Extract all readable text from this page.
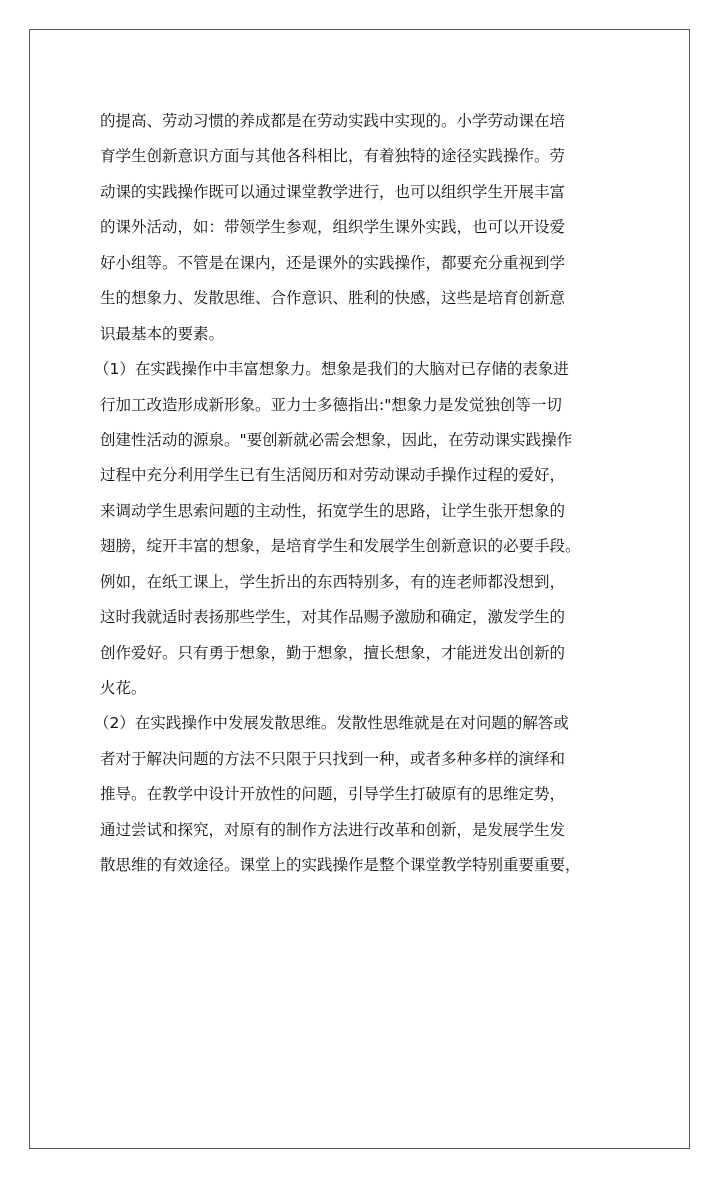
的提高、劳动习惯的养成都是在劳动实践中实现的。小学劳动课在培
育学生创新意识方面与其他各科相比，有着独特的途径实践操作。劳
动课的实践操作既可以通过课堂教学进行，也可以组织学生开展丰富
的课外活动，如：带领学生参观，组织学生课外实践，也可以开设爱
好小组等。不管是在课内，还是课外的实践操作，都要充分重视到学
生的想象力、发散思维、合作意识、胜利的快感，这些是培育创新意
识最基本的要素。
（1）在实践操作中丰富想象力。想象是我们的大脑对已存储的表象进
行加工改造形成新形象。亚力士多德指出:"想象力是发觉独创等一切
创建性活动的源泉。"要创新就必需会想象，因此，在劳动课实践操作
过程中充分利用学生已有生活阅历和对劳动课动手操作过程的爱好，
来调动学生思索问题的主动性，拓宽学生的思路，让学生张开想象的
翅膀，绽开丰富的想象，是培育学生和发展学生创新意识的必要手段。
例如，在纸工课上，学生折出的东西特别多，有的连老师都没想到，
这时我就适时表扬那些学生，对其作品赐予激励和确定，激发学生的
创作爱好。只有勇于想象，勤于想象，擅长想象，才能迸发出创新的
火花。
（2）在实践操作中发展发散思维。发散性思维就是在对问题的解答或
者对于解决问题的方法不只限于只找到一种，或者多种多样的演绎和
推导。在教学中设计开放性的问题，引导学生打破原有的思维定势，
通过尝试和探究，对原有的制作方法进行改革和创新，是发展学生发
散思维的有效途径。课堂上的实践操作是整个课堂教学特别重要重要，
